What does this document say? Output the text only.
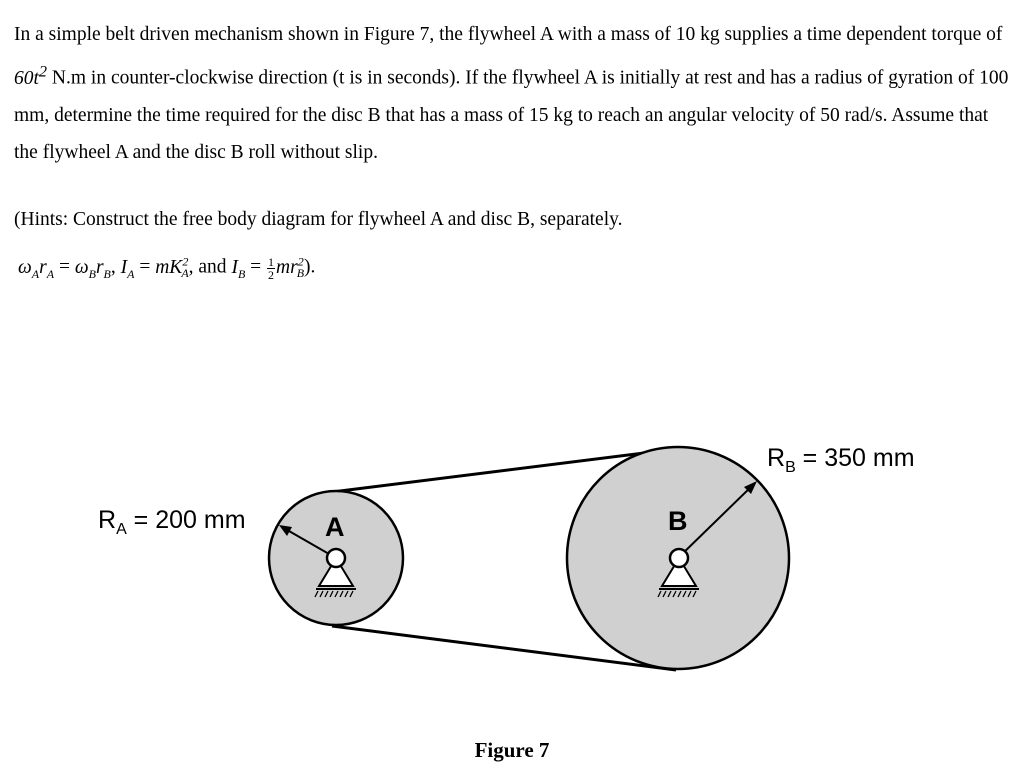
In a simple belt driven mechanism shown in Figure 7, the flywheel A with a mass of 10 kg supplies a time dependent torque of $60t^2$ N.m in counter-clockwise direction (t is in seconds). If the flywheel A is initially at rest and has a radius of gyration of 100 mm, determine the time required for the disc B that has a mass of 15 kg to reach an angular velocity of 50 rad/s. Assume that the flywheel A and the disc B roll without slip.

(Hints: Construct the free body diagram for flywheel A and disc B, separately.

$\omega_Ar_A = \omega_Br_B$, $I_A = mK^2_A$, and $I_B = \frac{1}{2} mr^2_B$).
A	B
$R_A = 200$ mm
$R_B = 350$ mm
Figure 7
